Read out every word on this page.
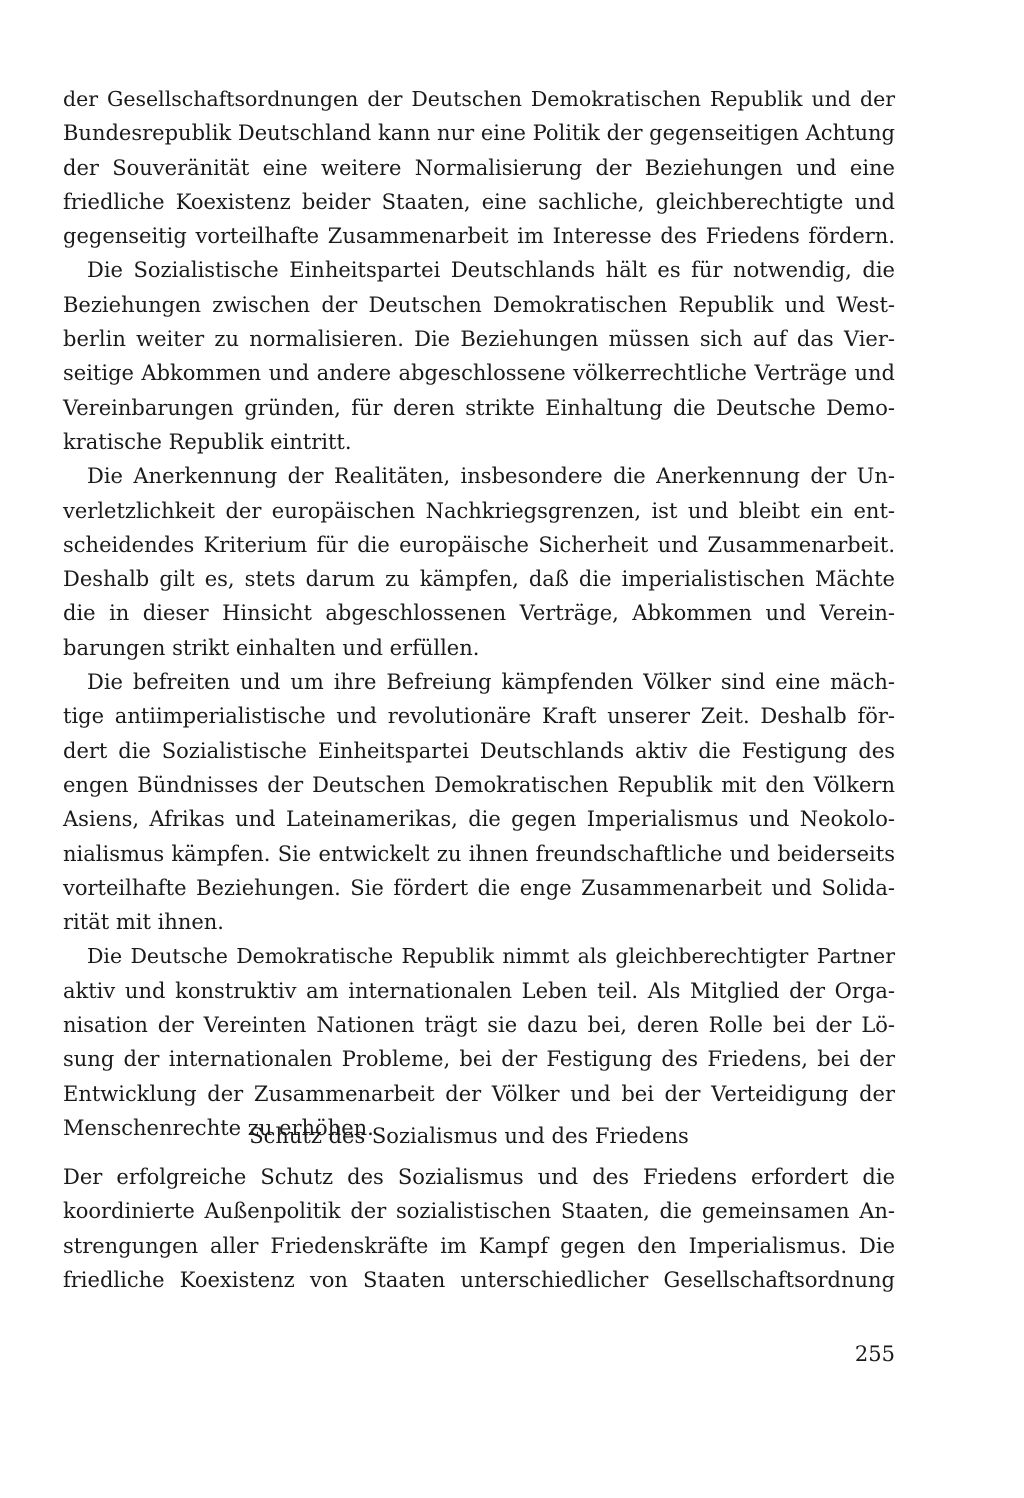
der Gesellschaftsordnungen der Deutschen Demokratischen Republik und der
Bundesrepublik Deutschland kann nur eine Politik der gegenseitigen Achtung
der Souveränität eine weitere Normalisierung der Beziehungen und eine
friedliche Koexistenz beider Staaten, eine sachliche, gleichberechtigte und
gegenseitig vorteilhafte Zusammenarbeit im Interesse des Friedens fördern.
Die Sozialistische Einheitspartei Deutschlands hält es für notwendig, die
Beziehungen zwischen der Deutschen Demokratischen Republik und West-
berlin weiter zu normalisieren. Die Beziehungen müssen sich auf das Vier-
seitige Abkommen und andere abgeschlossene völkerrechtliche Verträge und
Vereinbarungen gründen, für deren strikte Einhaltung die Deutsche Demo-
kratische Republik eintritt.
Die Anerkennung der Realitäten, insbesondere die Anerkennung der Un-
verletzlichkeit der europäischen Nachkriegsgrenzen, ist und bleibt ein ent-
scheidendes Kriterium für die europäische Sicherheit und Zusammenarbeit.
Deshalb gilt es, stets darum zu kämpfen, daß die imperialistischen Mächte
die in dieser Hinsicht abgeschlossenen Verträge, Abkommen und Verein-
barungen strikt einhalten und erfüllen.
Die befreiten und um ihre Befreiung kämpfenden Völker sind eine mäch-
tige antiimperialistische und revolutionäre Kraft unserer Zeit. Deshalb för-
dert die Sozialistische Einheitspartei Deutschlands aktiv die Festigung des
engen Bündnisses der Deutschen Demokratischen Republik mit den Völkern
Asiens, Afrikas und Lateinamerikas, die gegen Imperialismus und Neokolo-
nialismus kämpfen. Sie entwickelt zu ihnen freundschaftliche und beiderseits
vorteilhafte Beziehungen. Sie fördert die enge Zusammenarbeit und Solida-
rität mit ihnen.
Die Deutsche Demokratische Republik nimmt als gleichberechtigter Partner
aktiv und konstruktiv am internationalen Leben teil. Als Mitglied der Orga-
nisation der Vereinten Nationen trägt sie dazu bei, deren Rolle bei der Lö-
sung der internationalen Probleme, bei der Festigung des Friedens, bei der
Entwicklung der Zusammenarbeit der Völker und bei der Verteidigung der
Menschenrechte zu erhöhen.
Schutz des Sozialismus und des Friedens
Der erfolgreiche Schutz des Sozialismus und des Friedens erfordert die
koordinierte Außenpolitik der sozialistischen Staaten, die gemeinsamen An-
strengungen aller Friedenskräfte im Kampf gegen den Imperialismus. Die
friedliche Koexistenz von Staaten unterschiedlicher Gesellschaftsordnung
255
